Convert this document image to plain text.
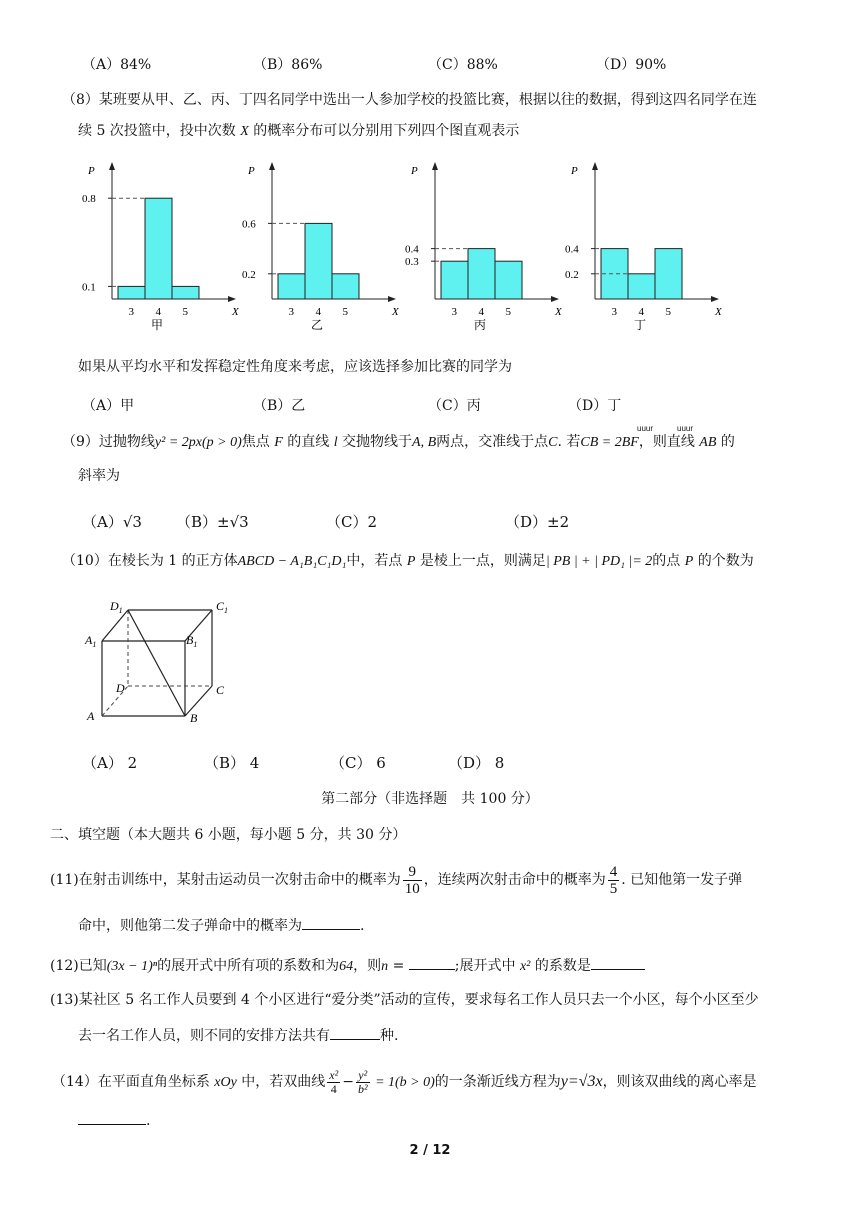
（A）84%	（B）86%	（C）88%	（D）90%
（8）某班要从甲、乙、丙、丁四名同学中选出一人参加学校的投篮比赛，根据以往的数据，得到这四名同学在连
续 5 次投篮中，投中次数 X 的概率分布可以分别用下列四个图直观表示
P
X
3 4 5
0.8
0.1
甲
P
X
3 4 5
0.6
0.2
乙
P
X
3 4 5
0.4
0.3
丙
P
X
3 4 5
0.4
0.2
丁
如果从平均水平和发挥稳定性角度来考虑，应该选择参加比赛的同学为
（A）甲	（B）乙	（C）丙	（D）丁
uuur	uuur
（9）过抛物线y² = 2px(p > 0)焦点 F 的直线 l 交抛物线于A, B两点，交准线于点C. 若CB = 2BF，则直线 AB 的
斜率为
（A）√3 （B）±√3	（C）2	（D）±2
（10）在棱长为 1 的正方体ABCD − A₁B₁C₁D₁中，若点 P 是棱上一点，则满足| PB | + | PD₁ |= 2的点 P 的个数为
$D_1$	$C_1$
$A_1$	$B_1$
D	C
A	B
（A） 2	（B） 4	（C） 6	（D） 8
第二部分（非选择题　共 100 分）
二、填空题（本大题共 6 小题，每小题 5 分，共 30 分）
(11)在射击训练中，某射击运动员一次射击命中的概率为 $\frac{9}{10}$ ，连续两次射击命中的概率为 $\frac{4}{5}$ . 已知他第一发子弹
命中，则他第二发子弹命中的概率为	.
(12)已知(3x − 1)ⁿ的展开式中所有项的系数和为64，则n =	;展开式中 x² 的系数是
(13)某社区 5 名工作人员要到 4 个小区进行“爱分类”活动的宣传，要求每名工作人员只去一个小区，每个小区至少
去一名工作人员，则不同的安排方法共有	种.
（14）在平面直角坐标系 xOy 中，若双曲线 $\frac{\text{x²}}{4} - \frac{\text{y²}}{\text{b²}} = 1(b > 0)$的一条渐近线方程为y=√3x，则该双曲线的离心率是
.
2 / 12
